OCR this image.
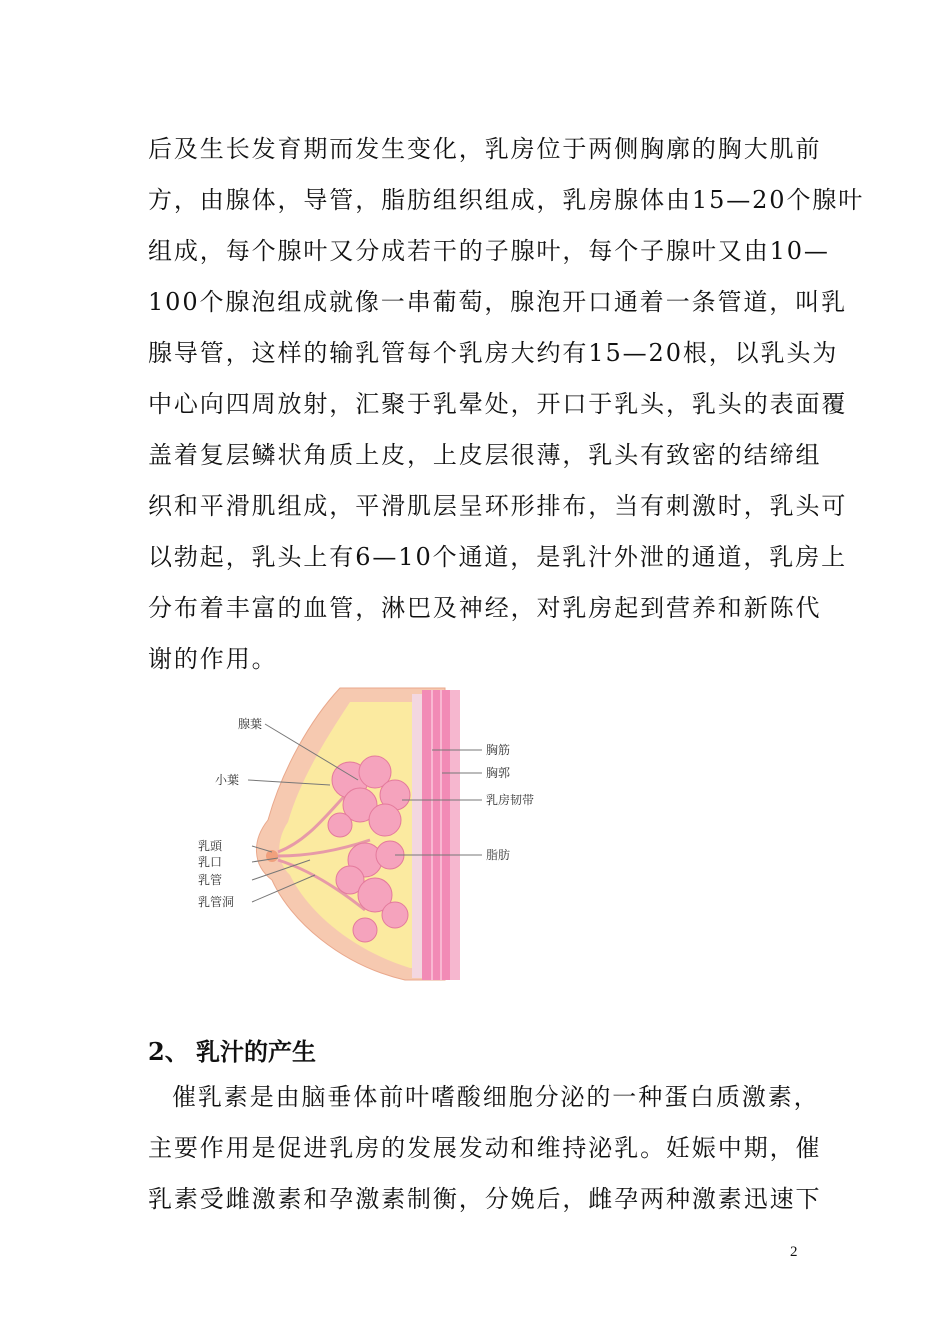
后及生长发育期而发生变化，乳房位于两侧胸廓的胸大肌前
方，由腺体，导管，脂肪组织组成，乳房腺体由15—20个腺叶
组成，每个腺叶又分成若干的子腺叶，每个子腺叶又由10—
100个腺泡组成就像一串葡萄，腺泡开口通着一条管道，叫乳
腺导管，这样的输乳管每个乳房大约有15—20根，以乳头为
中心向四周放射，汇聚于乳晕处，开口于乳头，乳头的表面覆
盖着复层鳞状角质上皮，上皮层很薄，乳头有致密的结缔组
织和平滑肌组成，平滑肌层呈环形排布，当有刺激时，乳头可
以勃起，乳头上有6—10个通道，是乳汁外泄的通道，乳房上
分布着丰富的血管，淋巴及神经，对乳房起到营养和新陈代
谢的作用。
腺葉
小葉
乳頭
乳口
乳管
乳管洞
胸筋
胸郭
乳房韧带
脂肪
2、 乳汁的产生
催乳素是由脑垂体前叶嗜酸细胞分泌的一种蛋白质激素，
主要作用是促进乳房的发展发动和维持泌乳。妊娠中期，催
乳素受雌激素和孕激素制衡，分娩后，雌孕两种激素迅速下
2
